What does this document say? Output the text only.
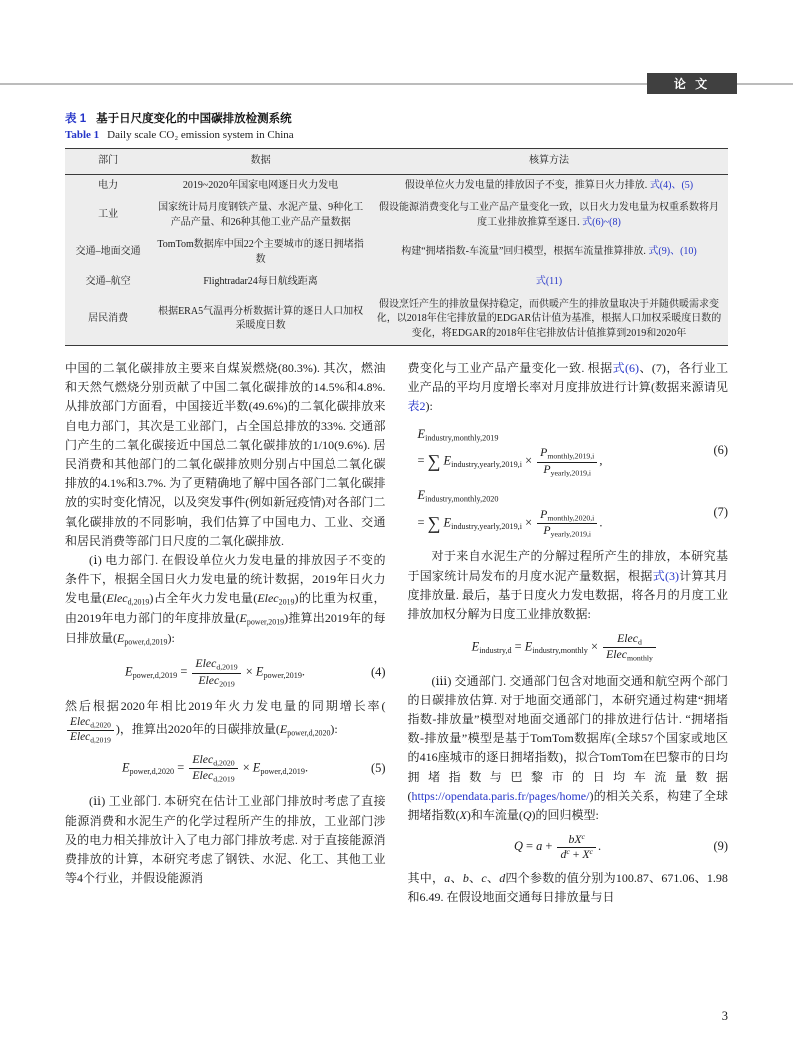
论 文
表 1 基于日尺度变化的中国碳排放检测系统
Table 1 Daily scale CO₂ emission system in China
部门	数据	核算方法
电力	2019~2020年国家电网逐日火力发电	假设单位火力发电量的排放因子不变，推算日火力排放. 式(4)、(5)
工业	国家统计局月度钢铁产量、水泥产量、9种化工产品产量、和26种其他工业产品产量数据	假设能源消费变化与工业产品产量变化一致，以日火力发电量为权重系数将月度工业排放推算至逐日. 式(6)~(8)
交通–地面交通	TomTom数据库中国22个主要城市的逐日拥堵指数	构建“拥堵指数-车流量”回归模型，根据车流量推算排放. 式(9)、(10)
交通–航空	Flightradar24每日航线距离	式(11)
居民消费	根据ERA5气温再分析数据计算的逐日人口加权采暖度日数	假设烹饪产生的排放量保持稳定，而供暖产生的排放量取决于并随供暖需求变化，以2018年住宅排放量的EDGAR估计值为基准，根据人口加权采暖度日数的变化，将EDGAR的2018年住宅排放估计值推算到2019和2020年

中国的二氧化碳排放主要来自煤炭燃烧(80.3%). 其次，燃油和天然气燃烧分别贡献了中国二氧化碳排放的14.5%和4.8%. 从排放部门方面看，中国接近半数(49.6%)的二氧化碳排放来自电力部门，其次是工业部门，占全国总排放的33%. 交通部门产生的二氧化碳接近中国总二氧化碳排放的1/10(9.6%). 居民消费和其他部门的二氧化碳排放则分别占中国总二氧化碳排放的4.1%和3.7%. 为了更精确地了解中国各部门二氧化碳排放的实时变化情况，以及突发事件(例如新冠疫情)对各部门二氧化碳排放的不同影响，我们估算了中国电力、工业、交通和居民消费等部门日尺度的二氧化碳排放.

(ⅰ) 电力部门. 在假设单位火力发电量的排放因子不变的条件下，根据全国日火力发电量的统计数据，2019年日火力发电量(Elecd,2019)占全年火力发电量(Elec2019)的比重为权重，由2019年电力部门的年度排放量(Epower,2019)推算出2019年的每日排放量(Epower,d,2019):

Epower,d,2019 = $\frac{\text{Elecd,2019}}{\text{Elec2019}}$ × Epower,2019.	(4)

然后根据2020年相比2019年火力发电量的同期增长率(
$\frac{\text{Elecd,2020}}{\text{Elecd,2019}}$ )，推算出2020年的日碳排放量(Epower,d,2020):

Epower,d,2020 = $\frac{\text{Elecd,2020}}{\text{Elecd,2019}}$ × Epower,d,2019.	(5)

(ⅱ) 工业部门. 本研究在估计工业部门排放时考虑了直接能源消费和水泥生产的化学过程所产生的排放，工业部门涉及的电力相关排放计入了电力部门排放考虑. 对于直接能源消费排放的计算，本研究考虑了钢铁、水泥、化工、其他工业等4个行业，并假设能源消

费变化与工业产品产量变化一致. 根据式(6)、(7)，各行业工业产品的平均月度增长率对月度排放进行计算(数据来源请见表2):

Eindustry,monthly,2019
= ∑ Eindustry,yearly,2019,i × $\frac{\text{Pmonthly,2019,i}}{\text{Pyearly,2019,i}}$ ,
(6)
Eindustry,monthly,2020
= ∑ Eindustry,yearly,2019,i × $\frac{\text{Pmonthly,2020,i}}{\text{Pyearly,2019,i}}$ .
(7)

对于来自水泥生产的分解过程所产生的排放，本研究基于国家统计局发布的月度水泥产量数据，根据式(3)计算其月度排放量. 最后，基于日度火力发电数据，将各月的月度工业排放加权分解为日度工业排放数据:

Eindustry,d = Eindustry,monthly × $\frac{\text{Elecd}}{\text{Elecmonthly}}$

(ⅲ) 交通部门. 交通部门包含对地面交通和航空两个部门的日碳排放估算. 对于地面交通部门，本研究通过构建“拥堵指数-排放量”模型对地面交通部门的排放进行估计. “拥堵指数-排放量”模型是基于TomTom数据库(全球57个国家或地区的416座城市的逐日拥堵指数)，拟合TomTom在巴黎市的日均拥堵指数与巴黎市的日均车流量数据(https://opendata.paris.fr/pages/home/)的相关关系，构建了全球拥堵指数(X)和车流量(Q)的回归模型:

$Q = a + \frac{bX^c}{d^c + X^c}$ .	(9)

其中，a、b、c、d四个参数的值分别为100.87、671.06、1.98和6.49. 在假设地面交通每日排放量与日

3
